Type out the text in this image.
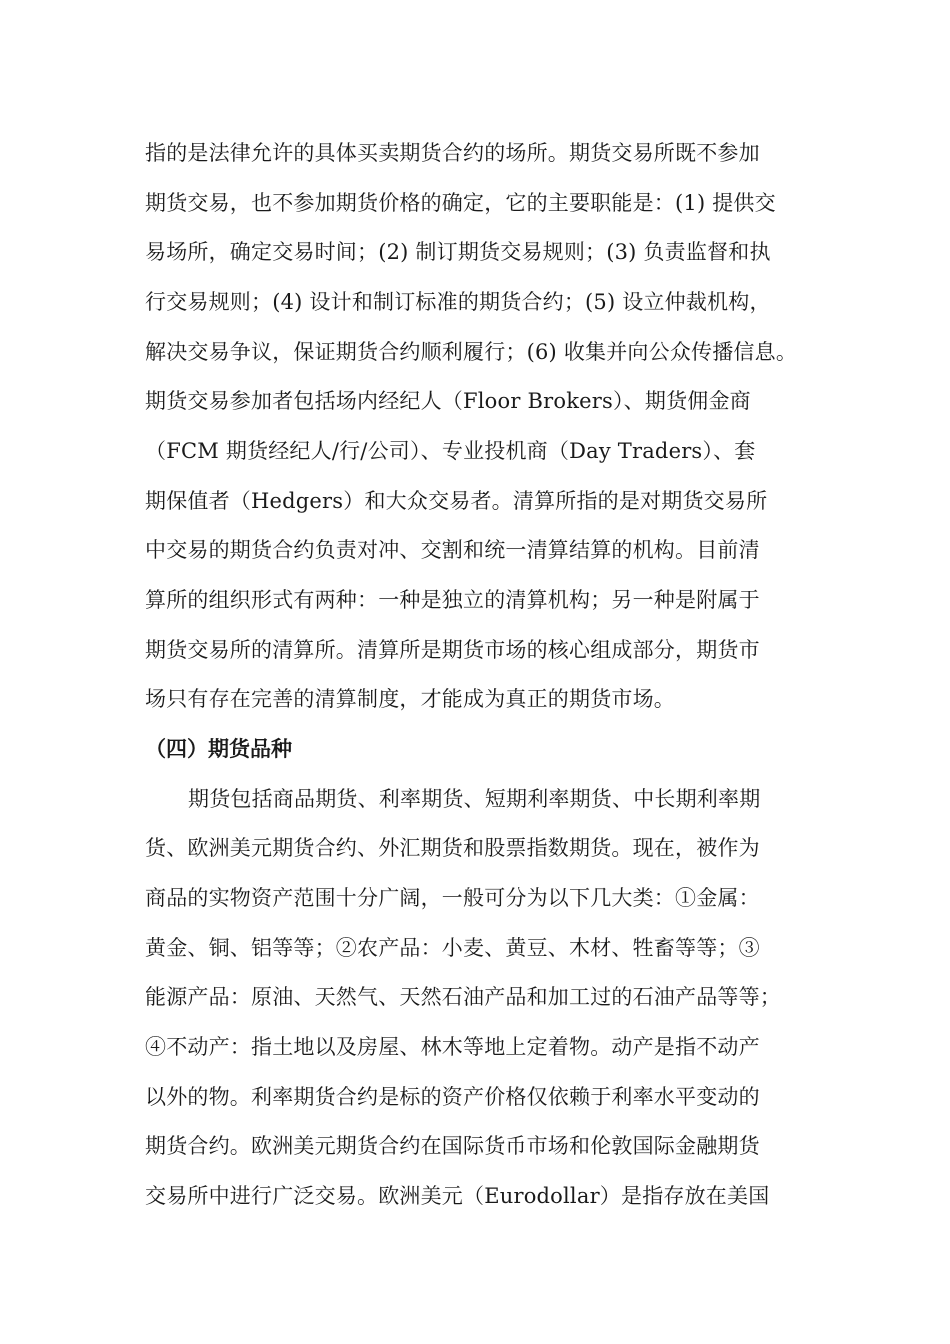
指的是法律允许的具体买卖期货合约的场所。期货交易所既不参加
期货交易，也不参加期货价格的确定，它的主要职能是：(1) 提供交
易场所，确定交易时间；(2) 制订期货交易规则；(3) 负责监督和执
行交易规则；(4) 设计和制订标准的期货合约；(5) 设立仲裁机构，
解决交易争议，保证期货合约顺利履行；(6) 收集并向公众传播信息。
期货交易参加者包括场内经纪人（Floor Brokers）、期货佣金商
（FCM 期货经纪人/行/公司）、专业投机商（Day Traders）、套
期保值者（Hedgers）和大众交易者。清算所指的是对期货交易所
中交易的期货合约负责对冲、交割和统一清算结算的机构。目前清
算所的组织形式有两种：一种是独立的清算机构；另一种是附属于
期货交易所的清算所。清算所是期货市场的核心组成部分，期货市
场只有存在完善的清算制度，才能成为真正的期货市场。
（四）期货品种
期货包括商品期货、利率期货、短期利率期货、中长期利率期
货、欧洲美元期货合约、外汇期货和股票指数期货。现在，被作为
商品的实物资产范围十分广阔，一般可分为以下几大类：①金属：
黄金、铜、铝等等；②农产品：小麦、黄豆、木材、牲畜等等；③
能源产品：原油、天然气、天然石油产品和加工过的石油产品等等；
④不动产：指土地以及房屋、林木等地上定着物。动产是指不动产
以外的物。利率期货合约是标的资产价格仅依赖于利率水平变动的
期货合约。欧洲美元期货合约在国际货币市场和伦敦国际金融期货
交易所中进行广泛交易。欧洲美元（Eurodollar）是指存放在美国
